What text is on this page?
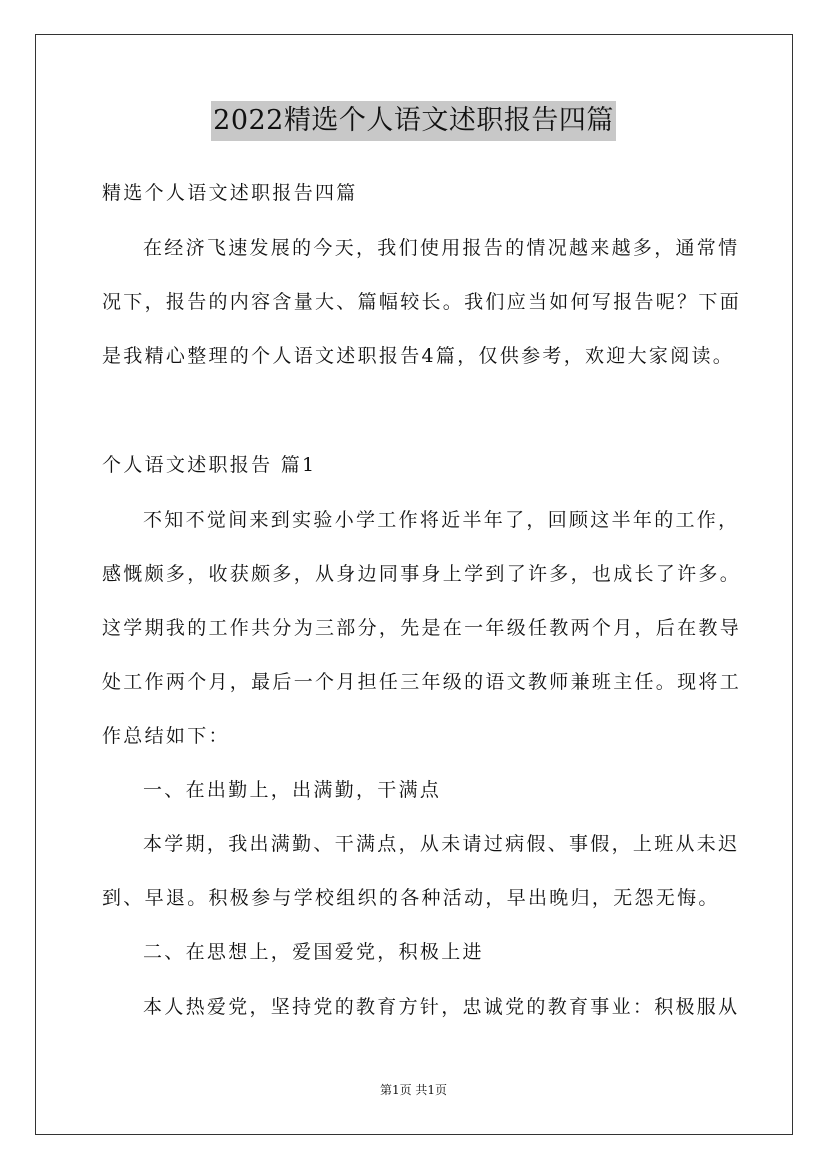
2022精选个人语文述职报告四篇
精选个人语文述职报告四篇
在经济飞速发展的今天，我们使用报告的情况越来越多，通常情
况下，报告的内容含量大、篇幅较长。我们应当如何写报告呢？下面
是我精心整理的个人语文述职报告4篇，仅供参考，欢迎大家阅读。
个人语文述职报告 篇1
不知不觉间来到实验小学工作将近半年了，回顾这半年的工作，
感慨颇多，收获颇多，从身边同事身上学到了许多，也成长了许多。
这学期我的工作共分为三部分，先是在一年级任教两个月，后在教导
处工作两个月，最后一个月担任三年级的语文教师兼班主任。现将工
作总结如下：
一、在出勤上，出满勤，干满点
本学期，我出满勤、干满点，从未请过病假、事假，上班从未迟
到、早退。积极参与学校组织的各种活动，早出晚归，无怨无悔。
二、在思想上，爱国爱党，积极上进
本人热爱党，坚持党的教育方针，忠诚党的教育事业：积极服从
第1页 共1页
